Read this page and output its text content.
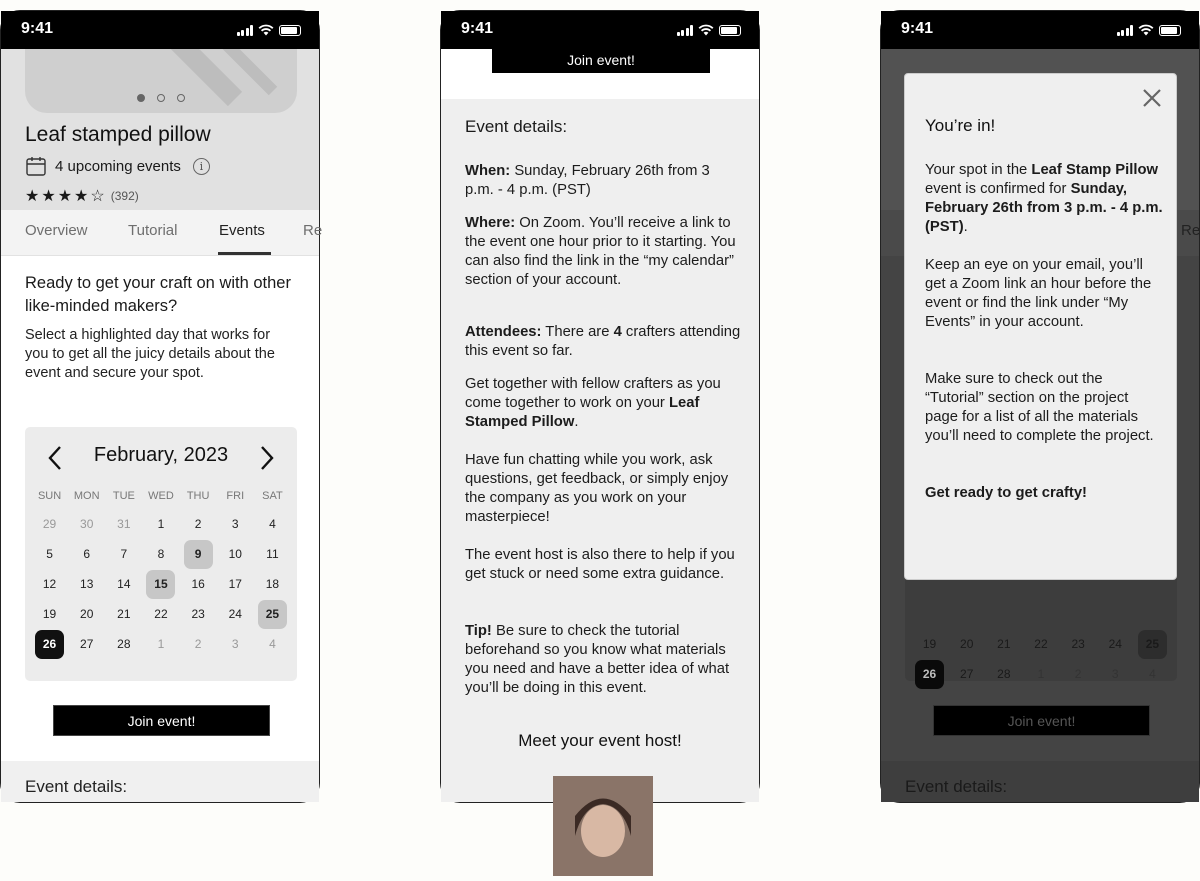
9:41
Leaf stamped pillow
4 upcoming events	i
★ ★ ★ ★ ☆ (392)
Overview	Tutorial	Events	Re
Ready to get your craft on with other like-minded makers?
Select a highlighted day that works for you to get all the juicy details about the event and secure your spot.
February, 2023
SUN	MON	TUE	WED	THU	FRI	SAT
29	30	31	1	2	3	4
5	6	7	8	9	10	11
12	13	14	15	16	17	18
19	20	21	22	23	24	25
26	27	28	1	2	3	4
Join event!
Event details:
9:41
Join event!
Event details:
When: Sunday, February 26th from 3 p.m. - 4 p.m. (PST)
Where: On Zoom. You’ll receive a link to the event one hour prior to it starting. You can also find the link in the “my calendar” section of your account.
Attendees: There are 4 crafters attending this event so far.
Get together with fellow crafters as you come together to work on your Leaf Stamped Pillow.
Have fun chatting while you work, ask questions, get feedback, or simply enjoy the company as you work on your masterpiece!
The event host is also there to help if you get stuck or need some extra guidance.
Tip! Be sure to check the tutorial beforehand so you know what materials you need and have a better idea of what you’ll be doing in this event.
Meet your event host!
9:41
Re
19	20	21	22	23	24	25
26	27	28	1	2	3	4
Join event!
Event details:
You’re in!
Your spot in the Leaf Stamp Pillow event is confirmed for Sunday, February 26th from 3 p.m. - 4 p.m. (PST).
Keep an eye on your email, you’ll get a Zoom link an hour before the event or find the link under “My Events” in your account.
Make sure to check out the “Tutorial” section on the project page for a list of all the materials you’ll need to complete the project.
Get ready to get crafty!
